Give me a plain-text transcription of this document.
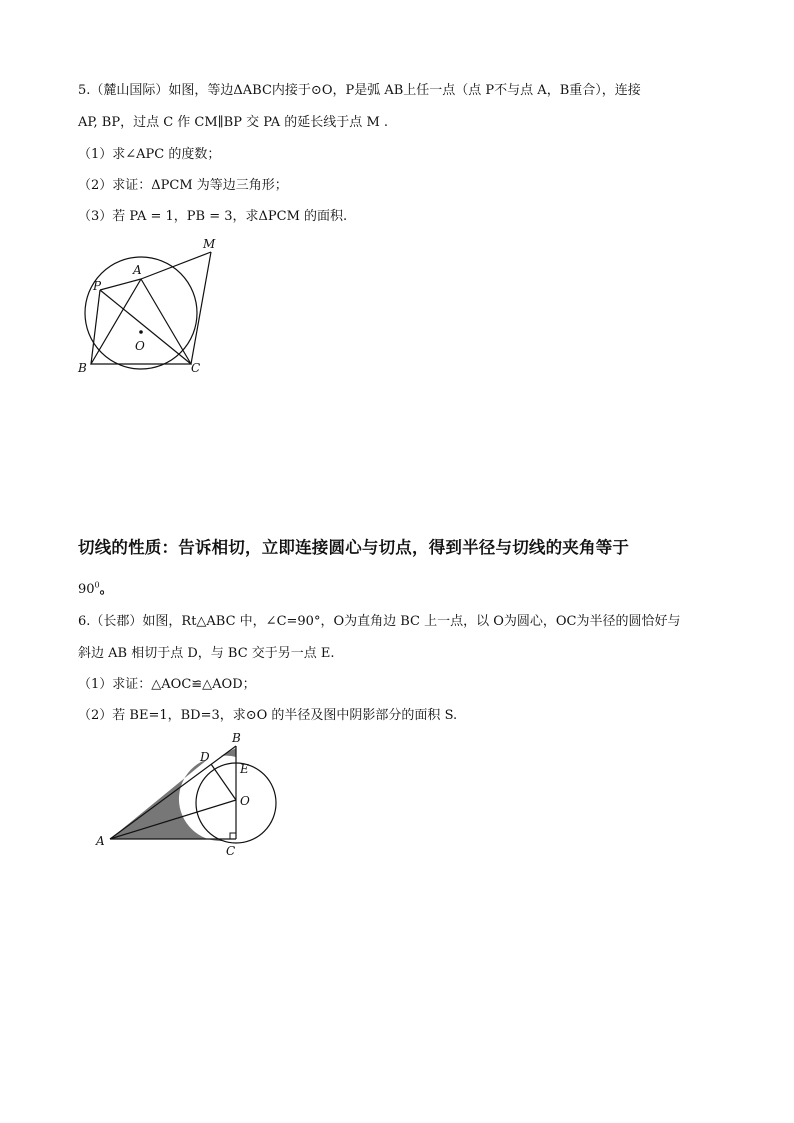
5.（麓山国际）如图，等边ΔABC内接于⊙O，P是弧 AB上任一点（点 P不与点 A，B重合），连接
AP, BP，过点 C 作 CM∥BP 交 PA 的延长线于点 M .
（1）求∠APC 的度数；
（2）求证：ΔPCM 为等边三角形；
（3）若 PA = 1，PB = 3，求ΔPCM 的面积.
M
A
P
O
B	C
切线的性质：告诉相切，立即连接圆心与切点，得到半径与切线的夹角等于
$90^0$。
6.（长郡）如图，Rt△ABC 中，∠C=90°，O为直角边 BC 上一点，以 O为圆心，OC为半径的圆恰好与
斜边 AB 相切于点 D，与 BC 交于另一点 E.
（1）求证：△AOC≌△AOD；
（2）若 BE=1，BD=3，求⊙O 的半径及图中阴影部分的面积 S.
B
D
E
O
A
C
